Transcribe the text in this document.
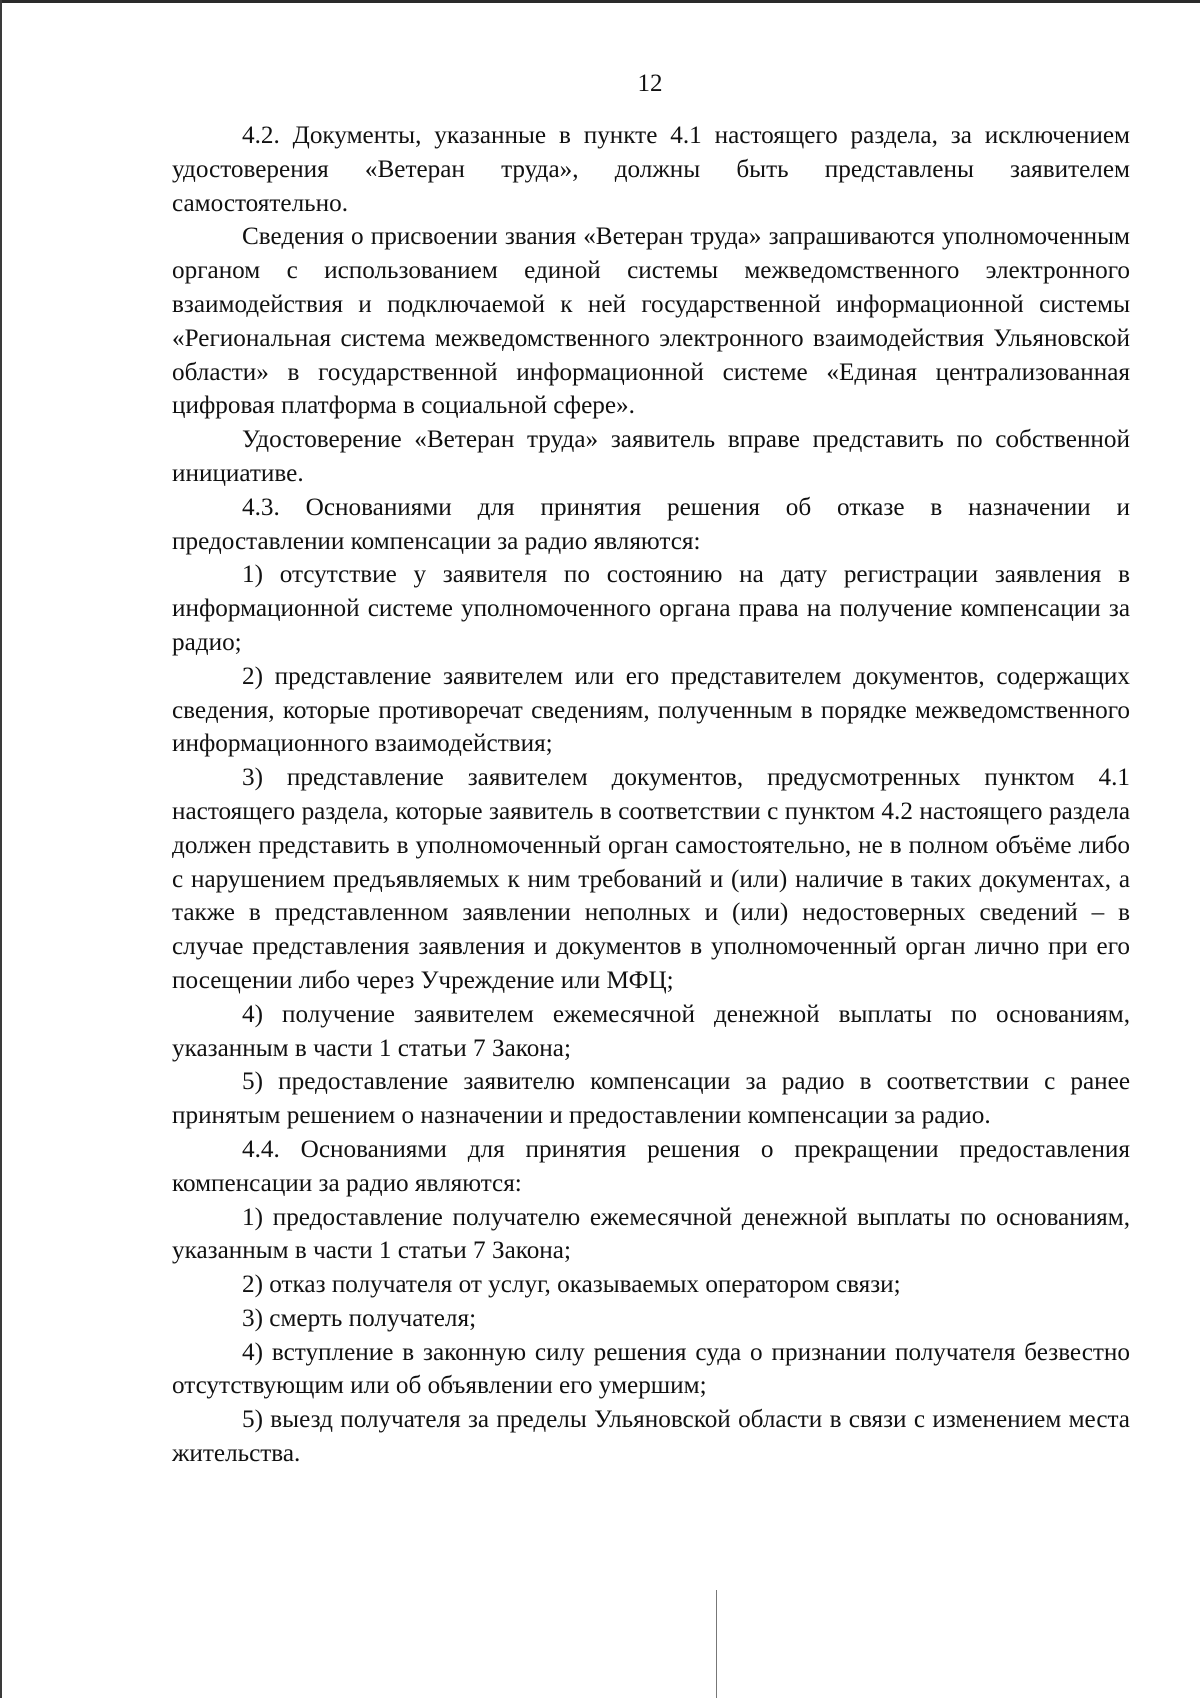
12

4.2. Документы, указанные в пункте 4.1 настоящего раздела, за исключением удостоверения «Ветеран труда», должны быть представлены заявителем самостоятельно.

Сведения о присвоении звания «Ветеран труда» запрашиваются уполномоченным органом с использованием единой системы межведомственного электронного взаимодействия и подключаемой к ней государственной информационной системы «Региональная система межведомственного электронного взаимодействия Ульяновской области» в государственной информационной системе «Единая централизованная цифровая платформа в социальной сфере».

Удостоверение «Ветеран труда» заявитель вправе представить по собственной инициативе.

4.3. Основаниями для принятия решения об отказе в назначении и предоставлении компенсации за радио являются:

1) отсутствие у заявителя по состоянию на дату регистрации заявления в информационной системе уполномоченного органа права на получение компенсации за радио;

2) представление заявителем или его представителем документов, содержащих сведения, которые противоречат сведениям, полученным в порядке межведомственного информационного взаимодействия;

3) представление заявителем документов, предусмотренных пунктом 4.1 настоящего раздела, которые заявитель в соответствии с пунктом 4.2 настоящего раздела должен представить в уполномоченный орган самостоятельно, не в полном объёме либо с нарушением предъявляемых к ним требований и (или) наличие в таких документах, а также в представленном заявлении неполных и (или) недостоверных сведений – в случае представления заявления и документов в уполномоченный орган лично при его посещении либо через Учреждение или МФЦ;

4) получение заявителем ежемесячной денежной выплаты по основаниям, указанным в части 1 статьи 7 Закона;

5) предоставление заявителю компенсации за радио в соответствии с ранее принятым решением о назначении и предоставлении компенсации за радио.

4.4. Основаниями для принятия решения о прекращении предоставления компенсации за радио являются:

1) предоставление получателю ежемесячной денежной выплаты по основаниям, указанным в части 1 статьи 7 Закона;

2) отказ получателя от услуг, оказываемых оператором связи;

3) смерть получателя;

4) вступление в законную силу решения суда о признании получателя безвестно отсутствующим или об объявлении его умершим;

5) выезд получателя за пределы Ульяновской области в связи с изменением места жительства.
